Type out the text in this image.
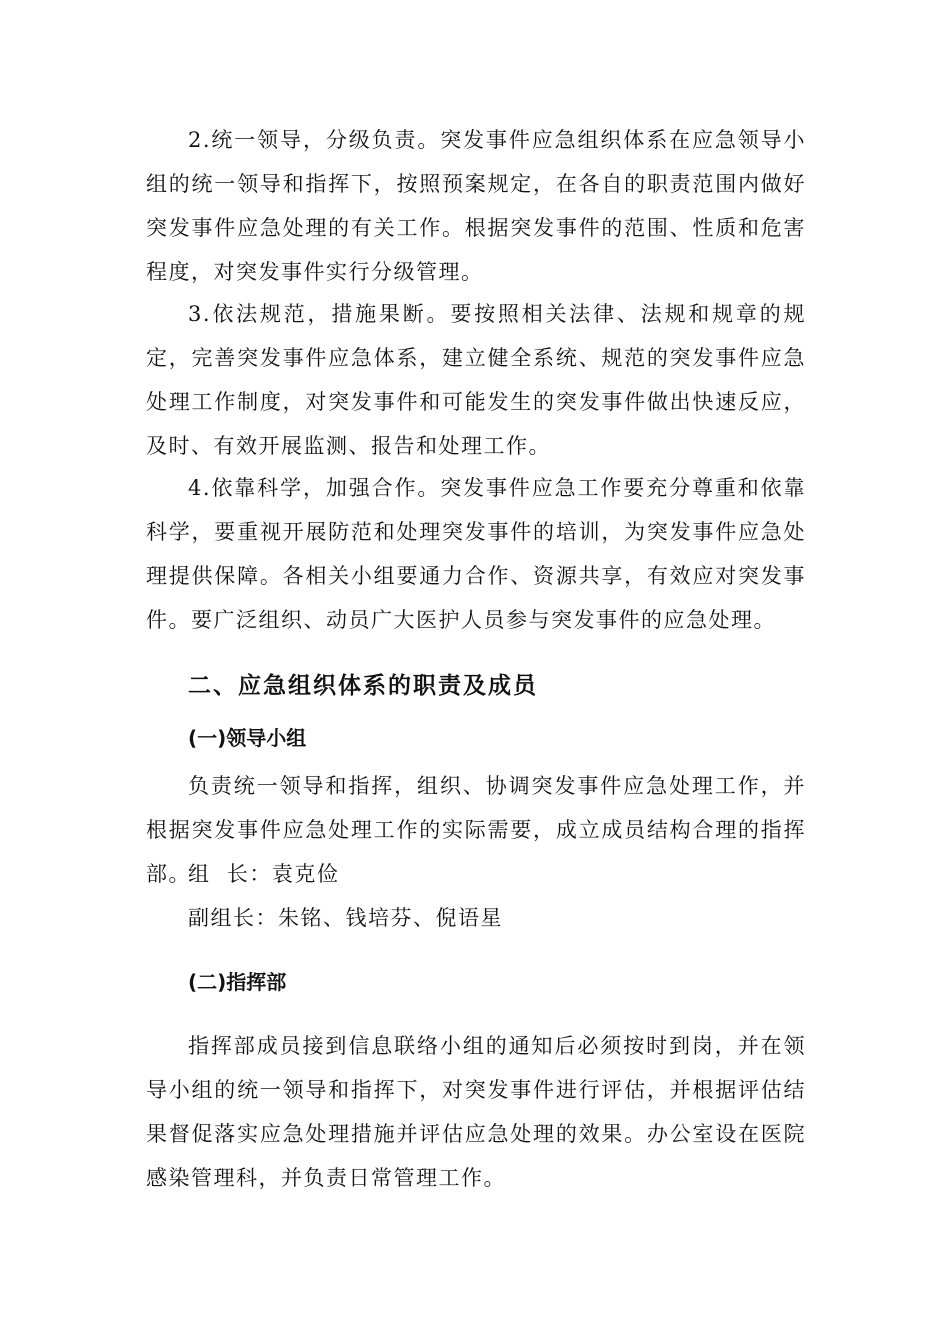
2.统一领导，分级负责。突发事件应急组织体系在应急领导小组的统一领导和指挥下，按照预案规定，在各自的职责范围内做好突发事件应急处理的有关工作。根据突发事件的范围、性质和危害程度，对突发事件实行分级管理。

3.依法规范，措施果断。要按照相关法律、法规和规章的规定，完善突发事件应急体系，建立健全系统、规范的突发事件应急处理工作制度，对突发事件和可能发生的突发事件做出快速反应，及时、有效开展监测、报告和处理工作。

4.依靠科学，加强合作。突发事件应急工作要充分尊重和依靠科学，要重视开展防范和处理突发事件的培训，为突发事件应急处理提供保障。各相关小组要通力合作、资源共享，有效应对突发事件。要广泛组织、动员广大医护人员参与突发事件的应急处理。

二、应急组织体系的职责及成员
(一)领导小组

负责统一领导和指挥，组织、协调突发事件应急处理工作，并根据突发事件应急处理工作的实际需要，成立成员结构合理的指挥部。

组  长：袁克俭

副组长：朱铭、钱培芬、倪语星

(二)指挥部

指挥部成员接到信息联络小组的通知后必须按时到岗，并在领导小组的统一领导和指挥下，对突发事件进行评估，并根据评估结果督促落实应急处理措施并评估应急处理的效果。办公室设在医院感染管理科，并负责日常管理工作。
